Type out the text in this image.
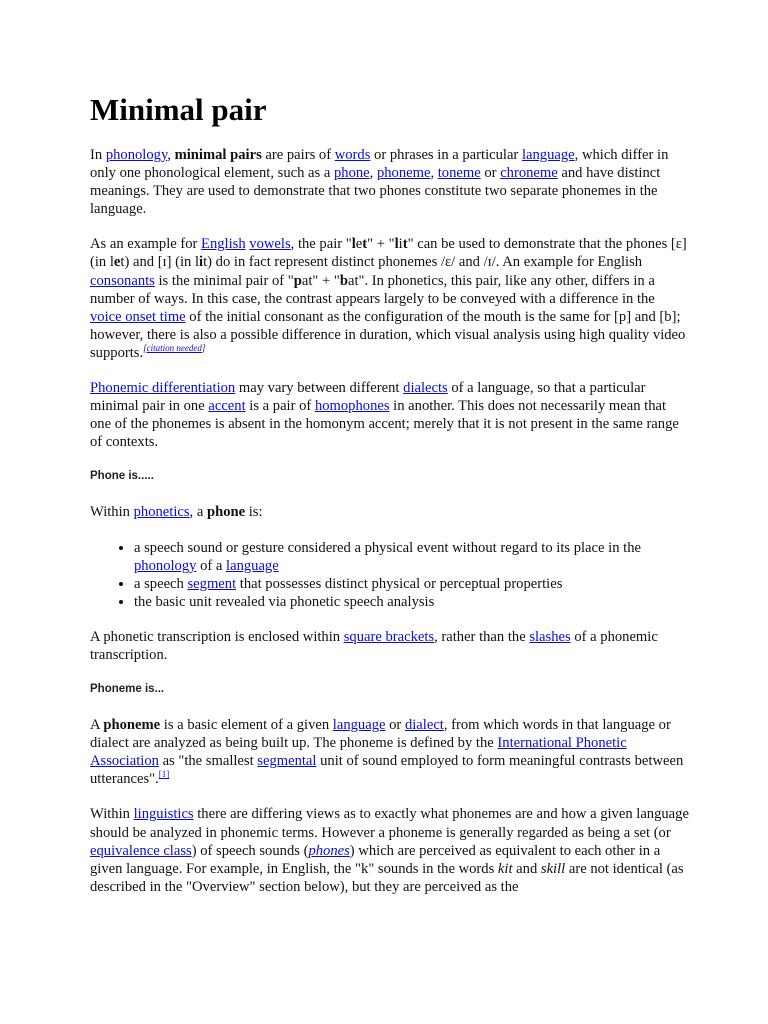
Minimal pair

In phonology, minimal pairs are pairs of words or phrases in a particular language, which differ in only one phonological element, such as a phone, phoneme, toneme or chroneme and have distinct meanings. They are used to demonstrate that two phones constitute two separate phonemes in the language.

As an example for English vowels, the pair "let" + "lit" can be used to demonstrate that the phones [ɛ] (in let) and [ɪ] (in lit) do in fact represent distinct phonemes /ɛ/ and /ɪ/. An example for English consonants is the minimal pair of "pat" + "bat". In phonetics, this pair, like any other, differs in a number of ways. In this case, the contrast appears largely to be conveyed with a difference in the voice onset time of the initial consonant as the configuration of the mouth is the same for [p] and [b]; however, there is also a possible difference in duration, which visual analysis using high quality video supports.[citation needed]

Phonemic differentiation may vary between different dialects of a language, so that a particular minimal pair in one accent is a pair of homophones in another. This does not necessarily mean that one of the phonemes is absent in the homonym accent; merely that it is not present in the same range of contexts.

Phone is.....

Within phonetics, a phone is:

• a speech sound or gesture considered a physical event without regard to its place in the phonology of a language
• a speech segment that possesses distinct physical or perceptual properties
• the basic unit revealed via phonetic speech analysis

A phonetic transcription is enclosed within square brackets, rather than the slashes of a phonemic transcription.

Phoneme is...

A phoneme is a basic element of a given language or dialect, from which words in that language or dialect are analyzed as being built up. The phoneme is defined by the International Phonetic Association as "the smallest segmental unit of sound employed to form meaningful contrasts between utterances".[1]

Within linguistics there are differing views as to exactly what phonemes are and how a given language should be analyzed in phonemic terms. However a phoneme is generally regarded as being a set (or equivalence class) of speech sounds (phones) which are perceived as equivalent to each other in a given language. For example, in English, the "k" sounds in the words kit and skill are not identical (as described in the "Overview" section below), but they are perceived as the
